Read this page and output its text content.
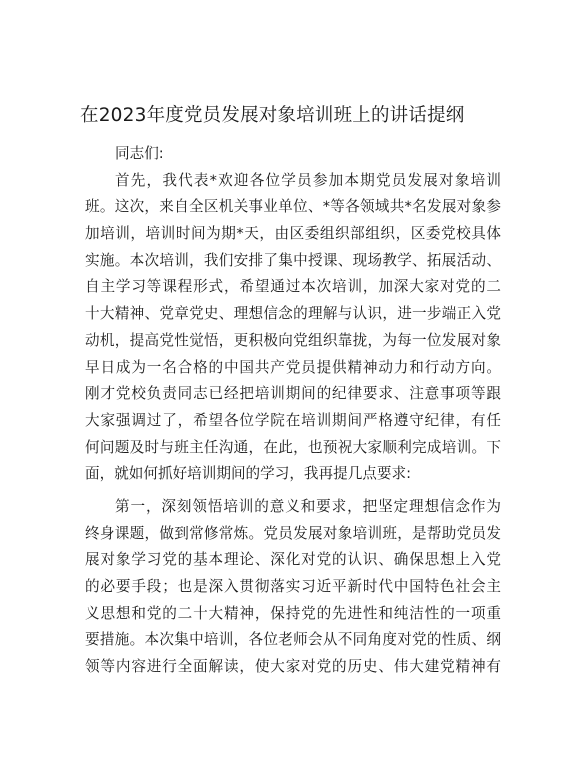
在2023年度党员发展对象培训班上的讲话提纲
同志们:
首先，我代表*欢迎各位学员参加本期党员发展对象培训
班。这次，来自全区机关事业单位、*等各领域共*名发展对象参
加培训，培训时间为期*天，由区委组织部组织，区委党校具体
实施。本次培训，我们安排了集中授课、现场教学、拓展活动、
自主学习等课程形式，希望通过本次培训，加深大家对党的二
十大精神、党章党史、理想信念的理解与认识，进一步端正入党
动机，提高党性觉悟，更积极向党组织靠拢，为每一位发展对象
早日成为一名合格的中国共产党员提供精神动力和行动方向。
刚才党校负责同志已经把培训期间的纪律要求、注意事项等跟
大家强调过了，希望各位学院在培训期间严格遵守纪律，有任
何问题及时与班主任沟通，在此，也预祝大家顺利完成培训。下
面，就如何抓好培训期间的学习，我再提几点要求:
第一，深刻领悟培训的意义和要求，把坚定理想信念作为
终身课题，做到常修常炼。党员发展对象培训班，是帮助党员发
展对象学习党的基本理论、深化对党的认识、确保思想上入党
的必要手段；也是深入贯彻落实习近平新时代中国特色社会主
义思想和党的二十大精神，保持党的先进性和纯洁性的一项重
要措施。本次集中培训，各位老师会从不同角度对党的性质、纲
领等内容进行全面解读，使大家对党的历史、伟大建党精神有
